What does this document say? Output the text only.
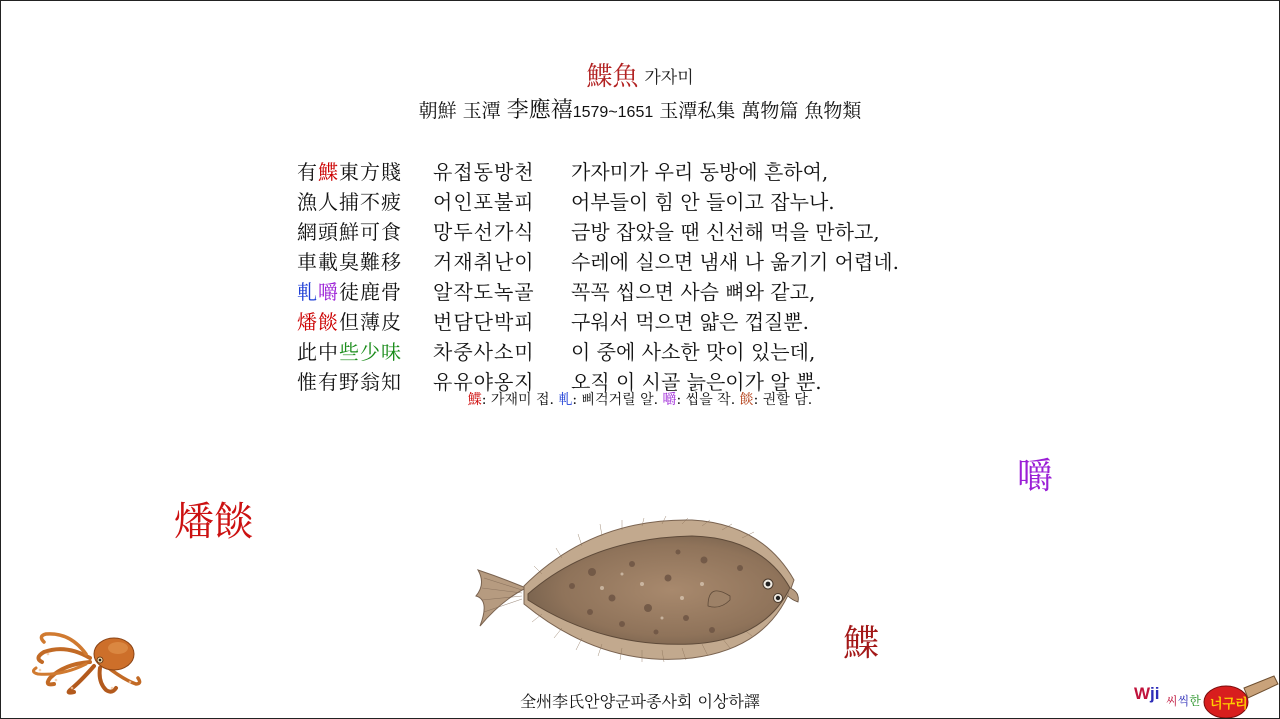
鰈魚 가자미
朝鮮 玉潭 李應禧1579~1651 玉潭私集 萬物篇 魚物類
有鰈東方賤	유접동방천	가자미가 우리 동방에 흔하여,
漁人捕不疲	어인포불피	어부들이 힘 안 들이고 잡누나.
網頭鮮可食	망두선가식	금방 잡았을 땐 신선해 먹을 만하고,
車載臭難移	거재취난이	수레에 실으면 냄새 나 옮기기 어렵네.
軋嚼徒鹿骨	알작도녹골	꼭꼭 씹으면 사슴 뼈와 같고,
燔餤但薄皮	번담단박피	구워서 먹으면 얇은 껍질뿐.
此中些少味	차중사소미	이 중에 사소한 맛이 있는데,
惟有野翁知	유유야옹지	오직 이 시골 늙은이가 알 뿐.
鰈: 가재미 접. 軋: 삐걱거릴 알. 嚼: 씹을 작. 餤: 권할 담.
燔餤
嚼
鰈
全州李氏안양군파종사회 이상하譯	Wji 씨씩한 너구리
